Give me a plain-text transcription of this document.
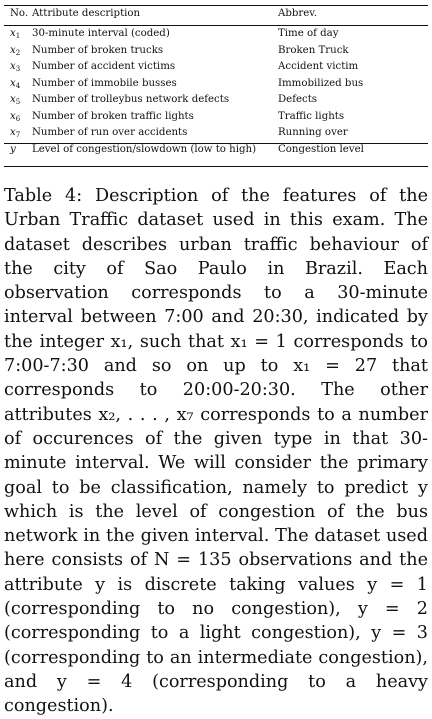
No.	Attribute description	Abbrev.

x1	30-minute interval (coded)	Time of day
x2	Number of broken trucks	Broken Truck
x3	Number of accident victims	Accident victim
x4	Number of immobile busses	Immobilized bus
x5	Number of trolleybus network defects	Defects
x6	Number of broken traffic lights	Traffic lights
x7	Number of run over accidents	Running over
y	Level of congestion/slowdown (low to high)	Congestion level

Table 4: Description of the features of the Urban Traffic dataset used in this exam. The dataset describes urban traffic behaviour of the city of Sao Paulo in Brazil. Each observation corresponds to a 30-minute interval between 7:00 and 20:30, indicated by the integer x₁, such that x₁ = 1 corresponds to 7:00-7:30 and so on up to x₁ = 27 that corresponds to 20:00-20:30. The other attributes x₂, . . . , x₇ corresponds to a number of occurences of the given type in that 30-minute interval. We will consider the primary goal to be classification, namely to predict y which is the level of congestion of the bus network in the given interval. The dataset used here consists of N = 135 observations and the attribute y is discrete taking values y = 1 (corresponding to no congestion), y = 2 (corresponding to a light congestion), y = 3 (corresponding to an intermediate congestion), and y = 4 (corresponding to a heavy congestion).
